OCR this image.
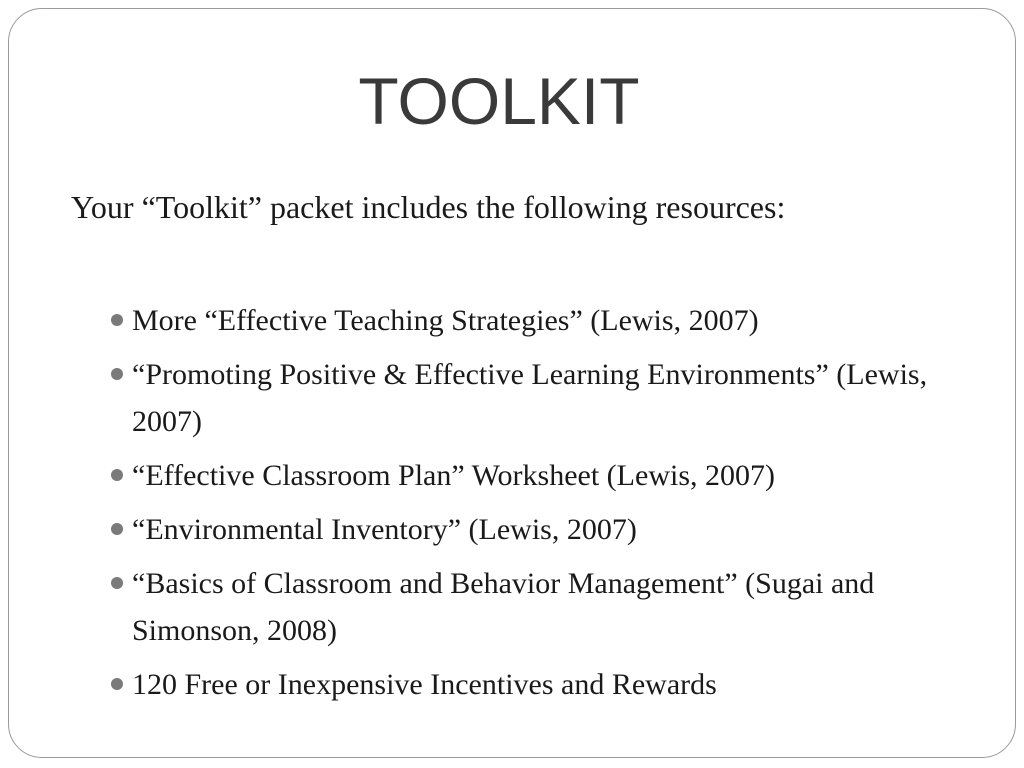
TOOLKIT
Your “Toolkit” packet includes the following resources:
More “Effective Teaching Strategies” (Lewis, 2007)
“Promoting Positive & Effective Learning Environments” (Lewis, 2007)
“Effective Classroom Plan” Worksheet (Lewis, 2007)
“Environmental Inventory” (Lewis, 2007)
“Basics of Classroom and Behavior Management” (Sugai and Simonson, 2008)
120 Free or Inexpensive Incentives and Rewards
